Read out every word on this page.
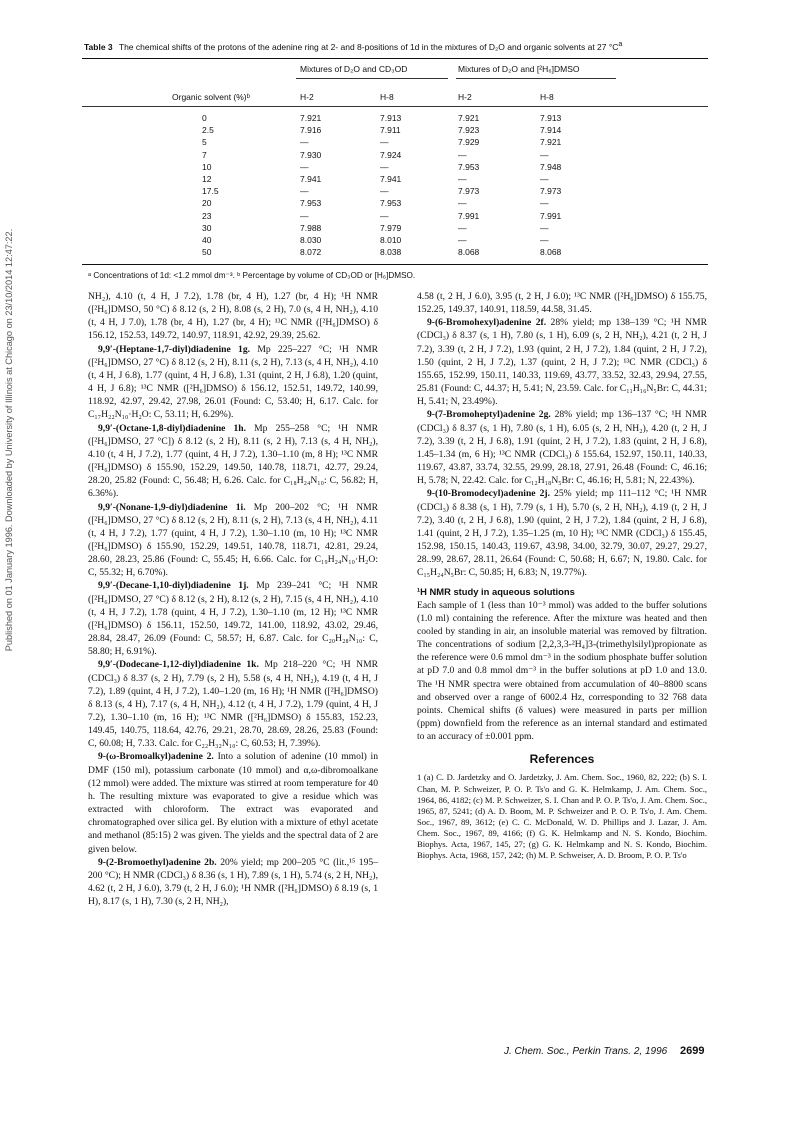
Published on 01 January 1996. Downloaded by University of Illinois at Chicago on 23/10/2014 12:47:22.
Table 3 The chemical shifts of the protons of the adenine ring at 2- and 8-positions of 1d in the mixtures of D₂O and organic solvents at 27 $^\circ C^a$
Mixtures of D₂O and CD₃OD	Mixtures of D₂O and [²H₆]DMSO
Organic solvent (%)ᵇ	H-2	H-8	H-2	H-8
0	7.921	7.913	7.921	7.913
2.5	7.916	7.911	7.923	7.914
5	—	—	7.929	7.921
7	7.930	7.924	—	—
10	—	—	7.953	7.948
12	7.941	7.941	—	—
17.5	—	—	7.973	7.973
20	7.953	7.953	—	—
23	—	—	7.991	7.991
30	7.988	7.979	—	—
40	8.030	8.010	—	—
50	8.072	8.038	8.068	8.068
ᵃ Concentrations of 1d: <1.2 mmol dm⁻³. ᵇ Percentage by volume of CD₃OD or [H₆]DMSO.

NH₂), 4.10 (t, 4 H, J 7.2), 1.78 (br, 4 H), 1.27 (br, 4 H); ¹H NMR ([²H₆]DMSO, 50 °C) δ 8.12 (s, 2 H), 8.08 (s, 2 H), 7.0 (s, 4 H, NH₂), 4.10 (t, 4 H, J 7.0), 1.78 (br, 4 H), 1.27 (br, 4 H); ¹³C NMR ([²H₆]DMSO) δ 156.12, 152.53, 149.72, 140.97, 118.91, 42.92, 29.39, 25.62.

9,9′-(Heptane-1,7-diyl)diadenine 1g. Mp 225–227 °C; ¹H NMR ([²H₆]DMSO, 27 °C) δ 8.12 (s, 2 H), 8.11 (s, 2 H), 7.13 (s, 4 H, NH₂), 4.10 (t, 4 H, J 6.8), 1.77 (quint, 4 H, J 6.8), 1.31 (quint, 2 H, J 6.8), 1.20 (quint, 4 H, J 6.8); ¹³C NMR ([²H₆]DMSO) δ 156.12, 152.51, 149.72, 140.99, 118.92, 42.97, 29.42, 27.98, 26.01 (Found: C, 53.40; H, 6.17. Calc. for C₁₇H₂₂N₁₀·H₂O: C, 53.11; H, 6.29%).

9,9′-(Octane-1,8-diyl)diadenine 1h. Mp 255–258 °C; ¹H NMR ([²H₆]DMSO, 27 °C]) δ 8.12 (s, 2 H), 8.11 (s, 2 H), 7.13 (s, 4 H, NH₂), 4.10 (t, 4 H, J 7.2), 1.77 (quint, 4 H, J 7.2), 1.30–1.10 (m, 8 H); ¹³C NMR ([²H₆]DMSO) δ 155.90, 152.29, 149.50, 140.78, 118.71, 42.77, 29.24, 28.20, 25.82 (Found: C, 56.48; H, 6.26. Calc. for C₁₈H₂₄N₁₀: C, 56.82; H, 6.36%).

9,9′-(Nonane-1,9-diyl)diadenine 1i. Mp 200–202 °C; ¹H NMR ([²H₆]DMSO, 27 °C) δ 8.12 (s, 2 H), 8.11 (s, 2 H), 7.13 (s, 4 H, NH₂), 4.11 (t, 4 H, J 7.2), 1.77 (quint, 4 H, J 7.2), 1.30–1.10 (m, 10 H); ¹³C NMR ([²H₆]DMSO) δ 155.90, 152.29, 149.51, 140.78, 118.71, 42.81, 29.24, 28.60, 28.23, 25.86 (Found: C, 55.45; H, 6.66. Calc. for C₁₉H₂₄N₁₀·H₂O: C, 55.32; H, 6.70%).

9,9′-(Decane-1,10-diyl)diadenine 1j. Mp 239–241 °C; ¹H NMR ([²H₆]DMSO, 27 °C) δ 8.12 (s, 2 H), 8.12 (s, 2 H), 7.15 (s, 4 H, NH₂), 4.10 (t, 4 H, J 7.2), 1.78 (quint, 4 H, J 7.2), 1.30–1.10 (m, 12 H); ¹³C NMR ([²H₆]DMSO) δ 156.11, 152.50, 149.72, 141.00, 118.92, 43.02, 29.46, 28.84, 28.47, 26.09 (Found: C, 58.57; H, 6.87. Calc. for C₂₀H₂₈N₁₀: C, 58.80; H, 6.91%).

9,9′-(Dodecane-1,12-diyl)diadenine 1k. Mp 218–220 °C; ¹H NMR (CDCl₃) δ 8.37 (s, 2 H), 7.79 (s, 2 H), 5.58 (s, 4 H, NH₂), 4.19 (t, 4 H, J 7.2), 1.89 (quint, 4 H, J 7.2), 1.40–1.20 (m, 16 H); ¹H NMR ([²H₆]DMSO) δ 8.13 (s, 4 H), 7.17 (s, 4 H, NH₂), 4.12 (t, 4 H, J 7.2), 1.79 (quint, 4 H, J 7.2), 1.30–1.10 (m, 16 H); ¹³C NMR ([²H₆]DMSO) δ 155.83, 152.23, 149.45, 140.75, 118.64, 42.76, 29.21, 28.70, 28.69, 28.26, 25.83 (Found: C, 60.08; H, 7.33. Calc. for C₂₂H₃₂N₁₀: C, 60.53; H, 7.39%).

9-(ω-Bromoalkyl)adenine 2. Into a solution of adenine (10 mmol) in DMF (150 ml), potassium carbonate (10 mmol) and α,ω-dibromoalkane (12 mmol) were added. The mixture was stirred at room temperature for 40 h. The resulting mixture was evaporated to give a residue which was extracted with chloroform. The extract was evaporated and chromatographed over silica gel. By elution with a mixture of ethyl acetate and methanol (85:15) 2 was given. The yields and the spectral data of 2 are given below.

9-(2-Bromoethyl)adenine 2b. 20% yield; mp 200–205 °C (lit.,¹⁵ 195–200 °C); H NMR (CDCl₃) δ 8.36 (s, 1 H), 7.89 (s, 1 H), 5.74 (s, 2 H, NH₂), 4.62 (t, 2 H, J 6.0), 3.79 (t, 2 H, J 6.0); ¹H NMR ([²H₆]DMSO) δ 8.19 (s, 1 H), 8.17 (s, 1 H), 7.30 (s, 2 H, NH₂),

4.58 (t, 2 H, J 6.0), 3.95 (t, 2 H, J 6.0); ¹³C NMR ([²H₆]DMSO) δ 155.75, 152.25, 149.37, 140.91, 118.59, 44.58, 31.45.

9-(6-Bromohexyl)adenine 2f. 28% yield; mp 138–139 °C; ¹H NMR (CDCl₃) δ 8.37 (s, 1 H), 7.80 (s, 1 H), 6.09 (s, 2 H, NH₂), 4.21 (t, 2 H, J 7.2), 3.39 (t, 2 H, J 7.2), 1.93 (quint, 2 H, J 7.2), 1.84 (quint, 2 H, J 7.2), 1.50 (quint, 2 H, J 7.2), 1.37 (quint, 2 H, J 7.2); ¹³C NMR (CDCl₃) δ 155.65, 152.99, 150.11, 140.33, 119.69, 43.77, 33.52, 32.43, 29.94, 27.55, 25.81 (Found: C, 44.37; H, 5.41; N, 23.59. Calc. for C₁₁H₁₆N₅Br: C, 44.31; H, 5.41; N, 23.49%).

9-(7-Bromoheptyl)adenine 2g. 28% yield; mp 136–137 °C; ¹H NMR (CDCl₃) δ 8.37 (s, 1 H), 7.80 (s, 1 H), 6.05 (s, 2 H, NH₂), 4.20 (t, 2 H, J 7.2), 3.39 (t, 2 H, J 6.8), 1.91 (quint, 2 H, J 7.2), 1.83 (quint, 2 H, J 6.8), 1.45–1.34 (m, 6 H); ¹³C NMR (CDCl₃) δ 155.64, 152.97, 150.11, 140.33, 119.67, 43.87, 33.74, 32.55, 29.99, 28.18, 27.91, 26.48 (Found: C, 46.16; H, 5.78; N, 22.42. Calc. for C₁₂H₁₈N₅Br: C, 46.16; H, 5.81; N, 22.43%).

9-(10-Bromodecyl)adenine 2j. 25% yield; mp 111–112 °C; ¹H NMR (CDCl₃) δ 8.38 (s, 1 H), 7.79 (s, 1 H), 5.70 (s, 2 H, NH₂), 4.19 (t, 2 H, J 7.2), 3.40 (t, 2 H, J 6.8), 1.90 (quint, 2 H, J 7.2), 1.84 (quint, 2 H, J 6.8), 1.41 (quint, 2 H, J 7.2), 1.35–1.25 (m, 10 H); ¹³C NMR (CDCl₃) δ 155.45, 152.98, 150.15, 140.43, 119.67, 43.98, 34.00, 32.79, 30.07, 29.27, 29.27, 28..99, 28.67, 28.11, 26.64 (Found: C, 50.68; H, 6.67; N, 19.80. Calc. for C₁₅H₂₄N₅Br: C, 50.85; H, 6.83; N, 19.77%).

¹H NMR study in aqueous solutions

Each sample of 1 (less than 10⁻³ mmol) was added to the buffer solutions (1.0 ml) containing the reference. After the mixture was heated and then cooled by standing in air, an insoluble material was removed by filtration. The concentrations of sodium [2,2,3,3-²H₄]3-(trimethylsilyl)propionate as the reference were 0.6 mmol dm⁻³ in the sodium phosphate buffer solution at pD 7.0 and 0.8 mmol dm⁻³ in the buffer solutions at pD 1.0 and 13.0. The ¹H NMR spectra were obtained from accumulation of 40–8800 scans and observed over a range of 6002.4 Hz, corresponding to 32 768 data points. Chemical shifts (δ values) were measured in parts per million (ppm) downfield from the reference as an internal standard and estimated to an accuracy of ±0.001 ppm.

References

1 (a) C. D. Jardetzky and O. Jardetzky, J. Am. Chem. Soc., 1960, 82, 222; (b) S. I. Chan, M. P. Schweizer, P. O. P. Ts'o and G. K. Helmkamp, J. Am. Chem. Soc., 1964, 86, 4182; (c) M. P. Schweizer, S. I. Chan and P. O. P. Ts'o, J. Am. Chem. Soc., 1965, 87, 5241; (d) A. D. Boom, M. P. Schweizer and P. O. P. Ts'o, J. Am. Chem. Soc., 1967, 89, 3612; (e) C. C. McDonald, W. D. Phillips and J. Lazar, J. Am. Chem. Soc., 1967, 89, 4166; (f) G. K. Helmkamp and N. S. Kondo, Biochim. Biophys. Acta, 1967, 145, 27; (g) G. K. Helmkamp and N. S. Kondo, Biochim. Biophys. Acta, 1968, 157, 242; (h) M. P. Schweiser, A. D. Broom, P. O. P. Ts'o

J. Chem. Soc., Perkin Trans. 2, 1996 2699
